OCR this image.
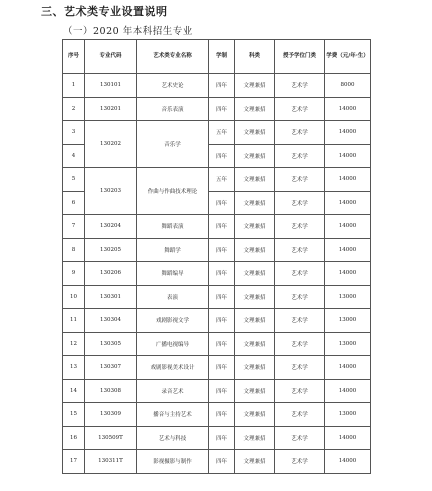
三、艺术类专业设置说明
（一）2020 年本科招生专业
序号	专业代码	艺术类专业名称	学制	科类	授予学位门类	学费（元/年·生）
1	130101	艺术史论	四年	文理兼招	艺术学	8000
2	130201	音乐表演	四年	文理兼招	艺术学	14000
3	130202	音乐学	五年	文理兼招	艺术学	14000
4			四年	文理兼招	艺术学	14000
5	130203	作曲与作曲技术理论	五年	文理兼招	艺术学	14000
6			四年	文理兼招	艺术学	14000
7	130204	舞蹈表演	四年	文理兼招	艺术学	14000
8	130205	舞蹈学	四年	文理兼招	艺术学	14000
9	130206	舞蹈编导	四年	文理兼招	艺术学	14000
10	130301	表演	四年	文理兼招	艺术学	13000
11	130304	戏剧影视文学	四年	文理兼招	艺术学	13000
12	130305	广播电视编导	四年	文理兼招	艺术学	13000
13	130307	戏剧影视美术设计	四年	文理兼招	艺术学	14000
14	130308	录音艺术	四年	文理兼招	艺术学	14000
15	130309	播音与主持艺术	四年	文理兼招	艺术学	13000
16	130509T	艺术与科技	四年	文理兼招	艺术学	14000
17	130311T	影视摄影与制作	四年	文理兼招	艺术学	14000
